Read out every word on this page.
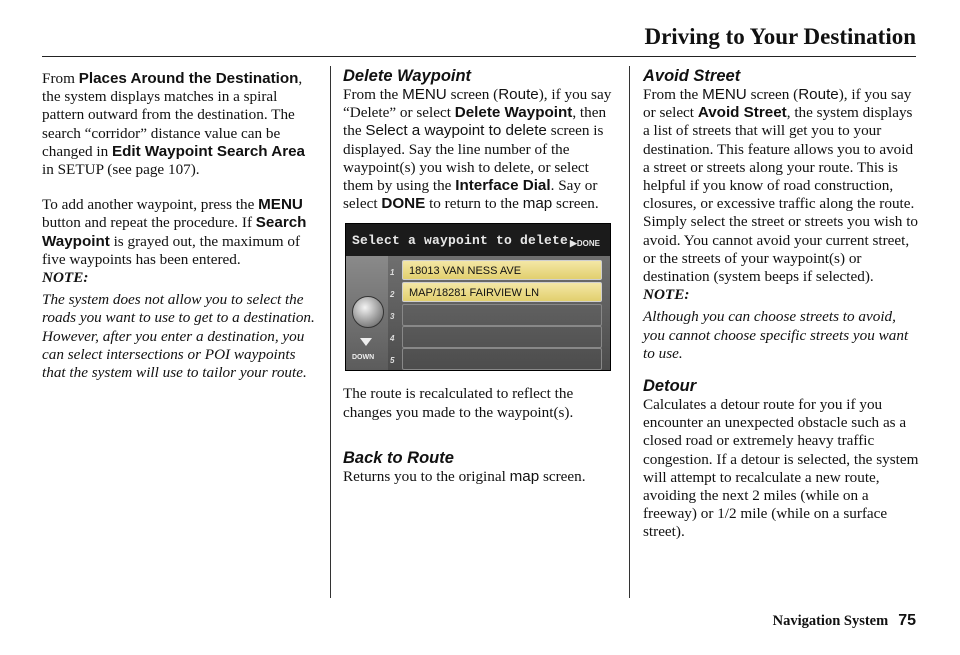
Driving to Your Destination

From Places Around the Destination, the system displays matches in a spiral pattern outward from the destination. The search “corridor” distance value can be changed in Edit Waypoint Search Area in SETUP (see page 107).

To add another waypoint, press the MENU button and repeat the procedure. If Search Waypoint is grayed out, the maximum of five waypoints has been entered.

NOTE:

The system does not allow you to select the roads you want to use to get to a destination. However, after you enter a destination, you can select intersections or POI waypoints that the system will use to tailor your route.

Delete Waypoint

From the MENU screen (Route), if you say “Delete” or select Delete Waypoint, then the Select a waypoint to delete screen is displayed. Say the line number of the waypoint(s) you wish to delete, or select them by using the Interface Dial. Say or select DONE to return to the map screen.

Select a waypoint to delete:
▶ DONE
DOWN
1	18013 VAN NESS AVE
2	MAP/18281 FAIRVIEW LN
3
4
5

The route is recalculated to reflect the changes you made to the waypoint(s).

Back to Route

Returns you to the original map screen.

Avoid Street

From the MENU screen (Route), if you say or select Avoid Street, the system displays a list of streets that will get you to your destination. This feature allows you to avoid a street or streets along your route. This is helpful if you know of road construction, closures, or excessive traffic along the route. Simply select the street or streets you wish to avoid. You cannot avoid your current street, or the streets of your waypoint(s) or destination (system beeps if selected).

NOTE:

Although you can choose streets to avoid, you cannot choose specific streets you want to use.

Detour

Calculates a detour route for you if you encounter an unexpected obstacle such as a closed road or extremely heavy traffic congestion. If a detour is selected, the system will attempt to recalculate a new route, avoiding the next 2 miles (while on a freeway) or 1/2 mile (while on a surface street).

Navigation System 75
